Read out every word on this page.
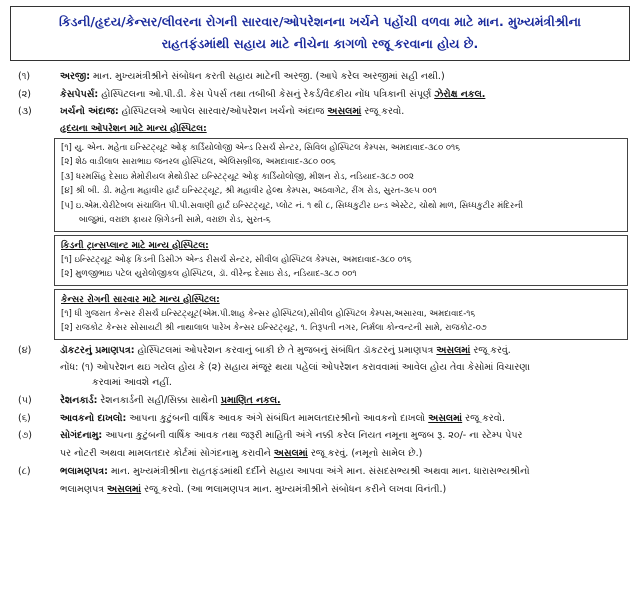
કિડની/હૃદય/કેન્સર/લીવરના રોગની સારવાર/ઓપરેશનના ખર્ચને પહોંચી વળવા માટે માન. મુખ્યમંત્રીશ્રીના
રાહતફંડમાંથી સહાય માટે નીચેના કાગળો રજૂ કરવાના હોય છે.
(૧)	અરજી: માન. મુખ્યમંત્રીશ્રીને સંબોધન કરતી સહાય માટેની અરજી. (આપે કરેલ અરજીમાં સહી નથી.)
(૨)	કેસપેપર્સ: હોસ્પિટલના ઓ.પી.ડી. કેસ પેપર્સ તથા તબીબી કેસનું રેકર્ડ/વૈદકીય નોંધ પત્રિકાની સંપૂર્ણ ઝેરોક્ષ નકલ.
(૩)	ખર્ચનો અંદાજ: હોસ્પિટલએ આપેલ સારવાર/ઓપરેશન ખર્ચનો અંદાજ અસલમાં રજૂ કરવો.
હૃદયના ઓપરેશન માટે માન્ય હોસ્પિટલ:
[૧] યુ. એન. મહેતા ઇન્સ્ટિટ્યૂટ ઓફ કાર્ડિયોલોજી એન્ડ રિસર્ચ સેન્ટર, સિવિલ હોસ્પિટલ કેમ્પસ, અમદાવાદ-૩૮૦ ૦૧૬
[૨] શેઠ વાડીલાલ સારાભાઇ જનરલ હોસ્પિટલ, એલિસબ્રીજ, અમદાવાદ-૩૮૦ ૦૦૬
[૩] ધરમસિંહ દેસાઇ મેમોરીયલ મેથોડીસ્ટ ઇન્સ્ટિટ્યૂટ ઓફ કાર્ડિયોલોજી, મીશન રોડ, નડિયાદ-૩૮૭ ૦૦૨
[૪] શ્રી બી. ડી. મહેતા મહાવીર હાર્ટ ઇન્સ્ટિટ્યૂટ, શ્રી મહાવીર હેલ્થ કેમ્પસ, અઠવાગેટ, રીંગ રોડ, સુરત-૩૯૫ ૦૦૧
[૫] ઇ.એમ.ચેરીટેબલ સંચાલિત પી.પી.સવાણી હાર્ટ ઇન્સ્ટિટ્યૂટ, પ્લોટ નં. ૧ થી ૮, સિધ્ધકુટીર ઇન્ડ એસ્ટેટ, ચોથો માળ, સિધ્ધકુટીર મંદિરની
બાજુમાં, વરાછા ફાયર બ્રિગેડની સામે, વરાછા રોડ, સુરત-૬
કિડની ટ્રાન્સપ્લાન્ટ માટે માન્ય હોસ્પિટલ:
[૧] ઇન્સ્ટિટ્યૂટ ઓફ કિડની ડિસીઝ એન્ડ રીસર્ચ સેન્ટર, સીવીલ હોસ્પિટલ કેમ્પસ, અમદાવાદ-૩૮૦ ૦૧૬
[૨] મુળજીભાઇ પટેલ યુરોલોજીકલ હોસ્પિટલ, ડૉ. વીરેન્દ્ર દેસાઇ રોડ, નડિયાદ-૩૮૭ ૦૦૧
કેન્સર રોગની સારવાર માટે માન્ય હોસ્પિટલ:
[૧] ધી ગુજરાત કેન્સર રીસર્ચ ઇન્સ્ટિટ્યૂટ(એમ.પી.શાહ કેન્સર હોસ્પિટલ),સીવીલ હોસ્પિટલ કેમ્પસ,અસારવા, અમદાવાદ-૧૬
[૨] રાજકોટ કેન્સર સોસાયટી શ્રી નાથાલાલ પારેખ કેન્સર ઇન્સ્ટિટ્યૂટ, ૧. તિરૂપતી નગર, નિર્મલા કોન્વન્ટની સામે, રાજકોટ-૦૭
(૪)	ડૉકટરનું પ્રમાણપત્ર: હોસ્પિટલમાં ઓપરેશન કરવાનું બાકી છે તે મુજબનું સંબંધિત ડૉકટરનું પ્રમાણપત્ર અસલમાં રજૂ કરવું.
નોંધ: (૧) ઓપરેશન થઇ ગયેલ હોય કે (૨) સહાય મંજૂર થયા પહેલાં ઓપરેશન કરાવવામાં આવેલ હોય તેવા કેસોમાં વિચારણા
કરવામાં આવશે નહીં.
(૫)	રેશનકાર્ડ: રેશનકાર્ડની સહી/સિક્કા સાથેની પ્રમાણિત નકલ.
(૬)	આવકનો દાખલો: આપના કુટુંબની વાર્ષિક આવક અંગે સંબંધિત મામલતદારશ્રીનો આવકનો દાખલો અસલમાં રજૂ કરવો.
(૭)	સોગંદનામુ: આપના કુટુંબની વાર્ષિક આવક તથા જરૂરી માહિતી અંગે નક્કી કરેલ નિયત નમૂના મુજબ રૂ. ૨૦/- ના સ્ટેમ્પ પેપર
પર નોટરી અથવા મામલતદાર કોર્ટમાં સોગંદનામુ કરાવીને અસલમાં રજૂ કરવું. (નમૂનો સામેલ છે.)
(૮)	ભલામણપત્ર: માન. મુખ્યમંત્રીશ્રીના રાહતફંડમાંથી દર્દીને સહાય આપવા અંગે માન. સંસદસભ્યશ્રી અથવા માન. ધારાસભ્યશ્રીનો
ભલામણપત્ર અસલમાં રજૂ કરવો. (આ ભલામણપત્ર માન. મુખ્યમંત્રીશ્રીને સંબોધન કરીને લખવા વિનંતી.)
